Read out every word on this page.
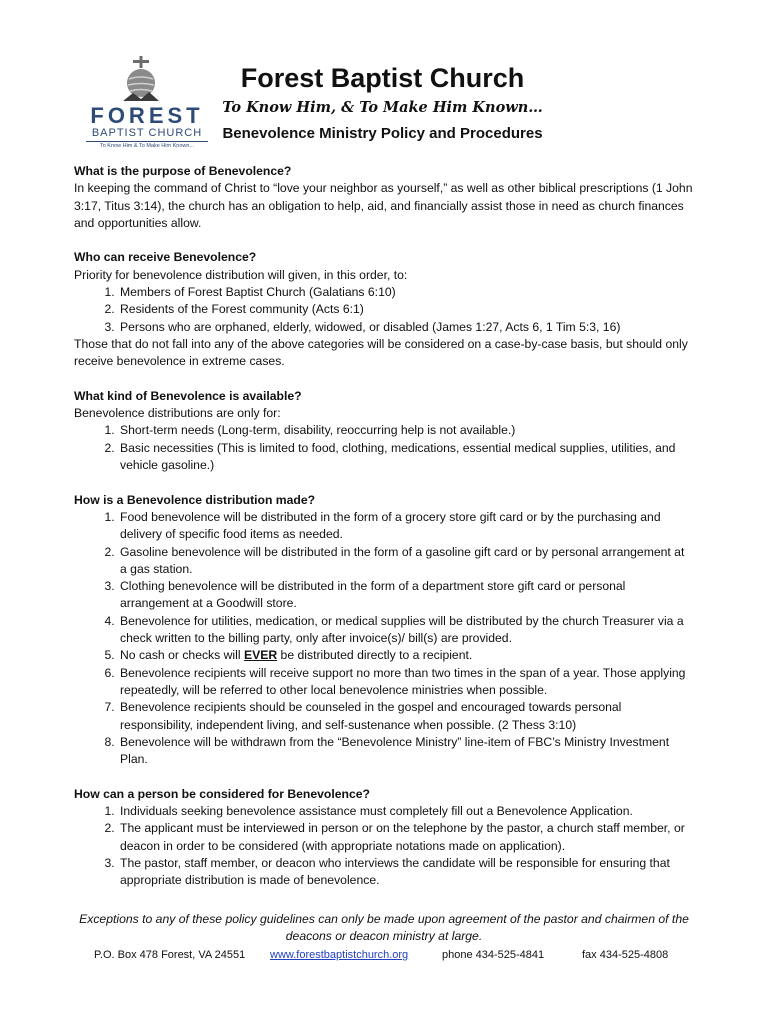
FOREST
BAPTIST CHURCH
To Know Him & To Make Him Known...
Forest Baptist Church
To Know Him, & To Make Him Known…
Benevolence Ministry Policy and Procedures

What is the purpose of Benevolence?

In keeping the command of Christ to “love your neighbor as yourself,” as well as other biblical prescriptions (1 John 3:17, Titus 3:14), the church has an obligation to help, aid, and financially assist those in need as church finances and opportunities allow.

Who can receive Benevolence?

Priority for benevolence distribution will given, in this order, to:

1. Members of Forest Baptist Church (Galatians 6:10)
2. Residents of the Forest community (Acts 6:1)
3. Persons who are orphaned, elderly, widowed, or disabled (James 1:27, Acts 6, 1 Tim 5:3, 16)

Those that do not fall into any of the above categories will be considered on a case-by-case basis, but should only receive benevolence in extreme cases.

What kind of Benevolence is available?

Benevolence distributions are only for:

1. Short-term needs (Long-term, disability, reoccurring help is not available.)
2. Basic necessities (This is limited to food, clothing, medications, essential medical supplies, utilities, and vehicle gasoline.)

How is a Benevolence distribution made?

1. Food benevolence will be distributed in the form of a grocery store gift card or by the purchasing and delivery of specific food items as needed.
2. Gasoline benevolence will be distributed in the form of a gasoline gift card or by personal arrangement at a gas station.
3. Clothing benevolence will be distributed in the form of a department store gift card or personal arrangement at a Goodwill store.
4. Benevolence for utilities, medication, or medical supplies will be distributed by the church Treasurer via a check written to the billing party, only after invoice(s)/ bill(s) are provided.
5. No cash or checks will EVER be distributed directly to a recipient.
6. Benevolence recipients will receive support no more than two times in the span of a year. Those applying repeatedly, will be referred to other local benevolence ministries when possible.
7. Benevolence recipients should be counseled in the gospel and encouraged towards personal responsibility, independent living, and self-sustenance when possible. (2 Thess 3:10)
8. Benevolence will be withdrawn from the “Benevolence Ministry” line-item of FBC’s Ministry Investment Plan.

How can a person be considered for Benevolence?

1. Individuals seeking benevolence assistance must completely fill out a Benevolence Application.
2. The applicant must be interviewed in person or on the telephone by the pastor, a church staff member, or deacon in order to be considered (with appropriate notations made on application).
3. The pastor, staff member, or deacon who interviews the candidate will be responsible for ensuring that appropriate distribution is made of benevolence.
Exceptions to any of these policy guidelines can only be made upon agreement of the pastor and chairmen of the deacons or deacon ministry at large.
P.O. Box 478 Forest, VA 24551 www.forestbaptistchurch.org	phone 434-525-4841	fax 434-525-4808
